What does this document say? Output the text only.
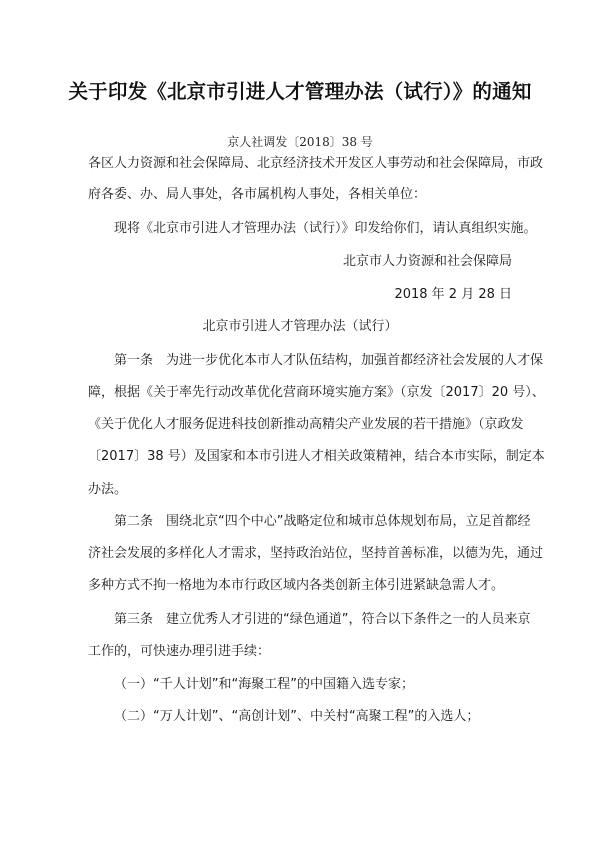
关于印发《北京市引进人才管理办法（试行）》的通知
京人社调发〔2018〕38 号
各区人力资源和社会保障局、北京经济技术开发区人事劳动和社会保障局，市政
府各委、办、局人事处，各市属机构人事处，各相关单位：
现将《北京市引进人才管理办法（试行）》印发给你们，请认真组织实施。
北京市人力资源和社会保障局
2018 年 2 月 28 日
北京市引进人才管理办法（试行）
第一条　为进一步优化本市人才队伍结构，加强首都经济社会发展的人才保
障，根据《关于率先行动改革优化营商环境实施方案》（京发〔2017〕20 号）、
《关于优化人才服务促进科技创新推动高精尖产业发展的若干措施》（京政发
〔2017〕38 号）及国家和本市引进人才相关政策精神，结合本市实际，制定本
办法。
第二条　围绕北京“四个中心”战略定位和城市总体规划布局，立足首都经
济社会发展的多样化人才需求，坚持政治站位，坚持首善标准，以德为先，通过
多种方式不拘一格地为本市行政区域内各类创新主体引进紧缺急需人才。
第三条　建立优秀人才引进的“绿色通道”，符合以下条件之一的人员来京
工作的，可快速办理引进手续：
（一）“千人计划”和“海聚工程”的中国籍入选专家；
（二）“万人计划”、“高创计划”、中关村“高聚工程”的入选人；
